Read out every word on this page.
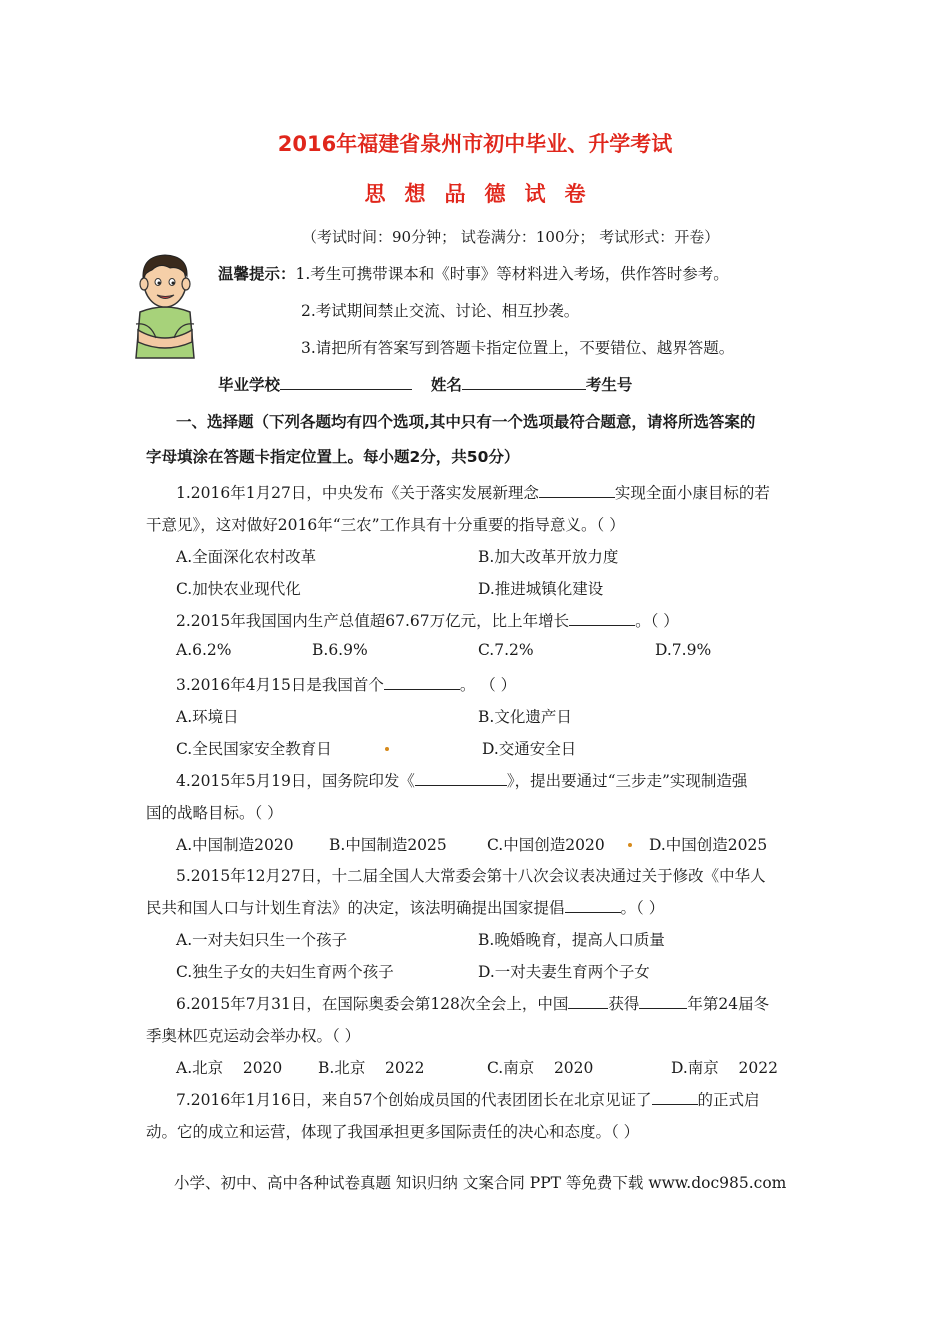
2016年福建省泉州市初中毕业、升学考试
思想品德试卷
（考试时间：90分钟； 试卷满分：100分； 考试形式：开卷）
温馨提示：1.考生可携带课本和《时事》等材料进入考场，供作答时参考。
2.考试期间禁止交流、讨论、相互抄袭。
3.请把所有答案写到答题卡指定位置上，不要错位、越界答题。
毕业学校	姓名	考生号
一、选择题（下列各题均有四个选项,其中只有一个选项最符合题意，请将所选答案的
字母填涂在答题卡指定位置上。每小题2分，共50分）
1.2016年1月27日，中央发布《关于落实发展新理念	实现全面小康目标的若
干意见》，这对做好2016年“三农”工作具有十分重要的指导意义。（ ）
A.全面深化农村改革	B.加大改革开放力度
C.加快农业现代化	D.推进城镇化建设
2.2015年我国国内生产总值超67.67万亿元，比上年增长	。（ ）
A.6.2%	B.6.9%	C.7.2%	D.7.9%
3.2016年4月15日是我国首个	。 （ ）
A.环境日	B.文化遗产日
C.全民国家安全教育日	D.交通安全日
4.2015年5月19日，国务院印发《	》，提出要通过“三步走”实现制造强
国的战略目标。（ ）
A.中国制造2020 B.中国制造2025	C.中国创造2020	D.中国创造2025
5.2015年12月27日，十二届全国人大常委会第十八次会议表决通过关于修改《中华人
民共和国人口与计划生育法》的决定，该法明确提出国家提倡	。（ ）
A.一对夫妇只生一个孩子	B.晚婚晚育，提高人口质量
C.独生子女的夫妇生育两个孩子	D.一对夫妻生育两个子女
6.2015年7月31日，在国际奥委会第128次全会上，中国	获得	年第24届冬
季奥林匹克运动会举办权。（ ）
A.北京    2020 B.北京    2022	C.南京    2020	D.南京    2022
7.2016年1月16日，来自57个创始成员国的代表团团长在北京见证了	的正式启
动。它的成立和运营，体现了我国承担更多国际责任的决心和态度。（ ）
小学、初中、高中各种试卷真题 知识归纳 文案合同 PPT 等免费下载 www.doc985.com
